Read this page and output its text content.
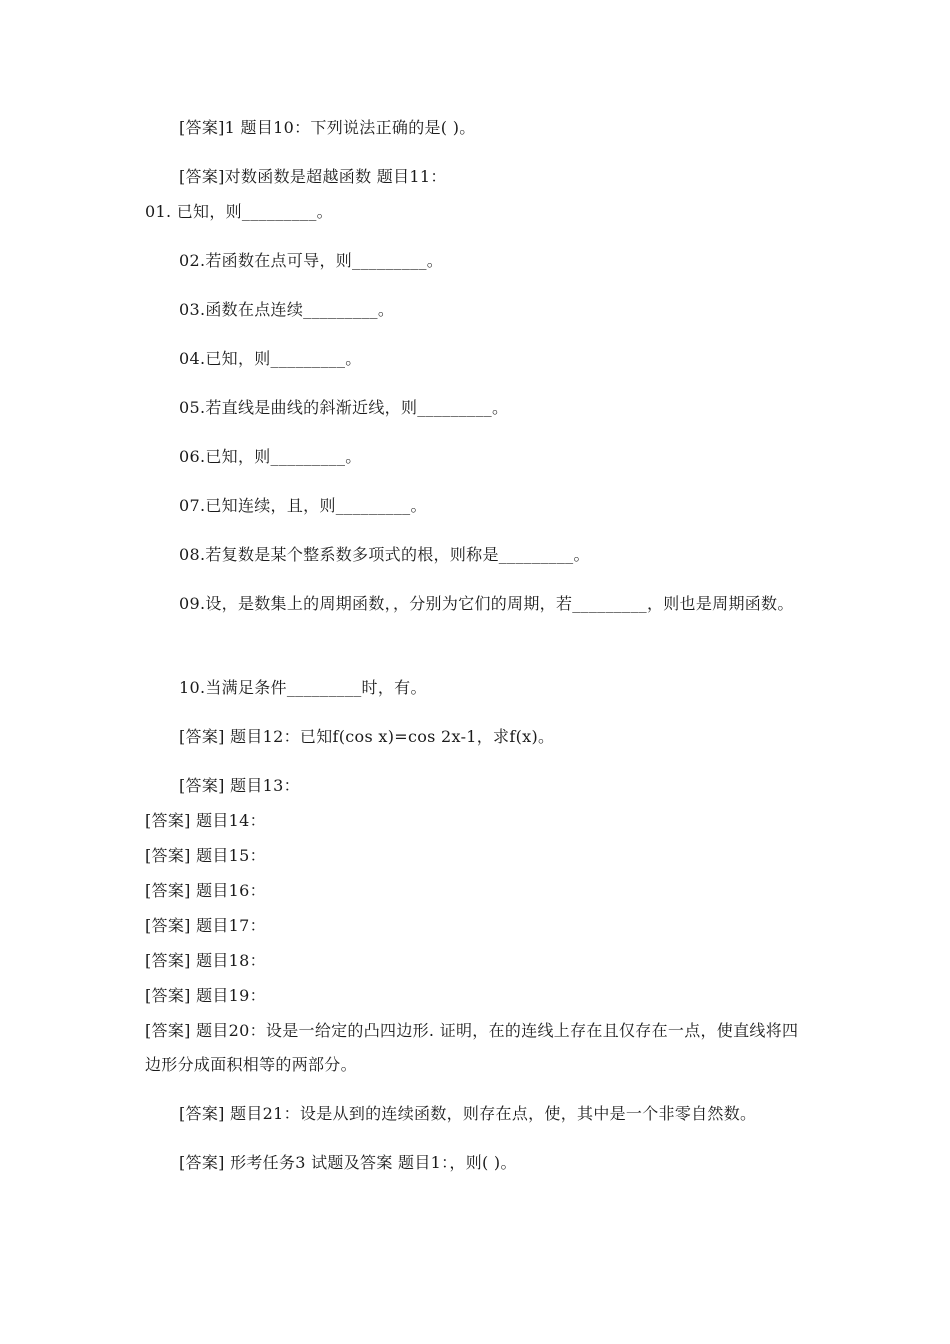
[答案]1 题目10：下列说法正确的是( )。
[答案]对数函数是超越函数 题目11：
01. 已知，则_________。
02.若函数在点可导，则_________。
03.函数在点连续_________。
04.已知，则_________。
05.若直线是曲线的斜渐近线，则_________。
06.已知，则_________。
07.已知连续，且，则_________。
08.若复数是某个整系数多项式的根，则称是_________。
09.设，是数集上的周期函数，，分别为它们的周期，若_________，则也是周期函数。
10.当满足条件_________时，有。
[答案] 题目12：已知f(cos x)=cos 2x-1，求f(x)。
[答案] 题目13：
[答案] 题目14：
[答案] 题目15：
[答案] 题目16：
[答案] 题目17：
[答案] 题目18：
[答案] 题目19：
[答案] 题目20：设是一给定的凸四边形. 证明，在的连线上存在且仅存在一点，使直线将四边形分成面积相等的两部分。
[答案] 题目21：设是从到的连续函数，则存在点，使，其中是一个非零自然数。
[答案] 形考任务3 试题及答案 题目1：，则( )。
